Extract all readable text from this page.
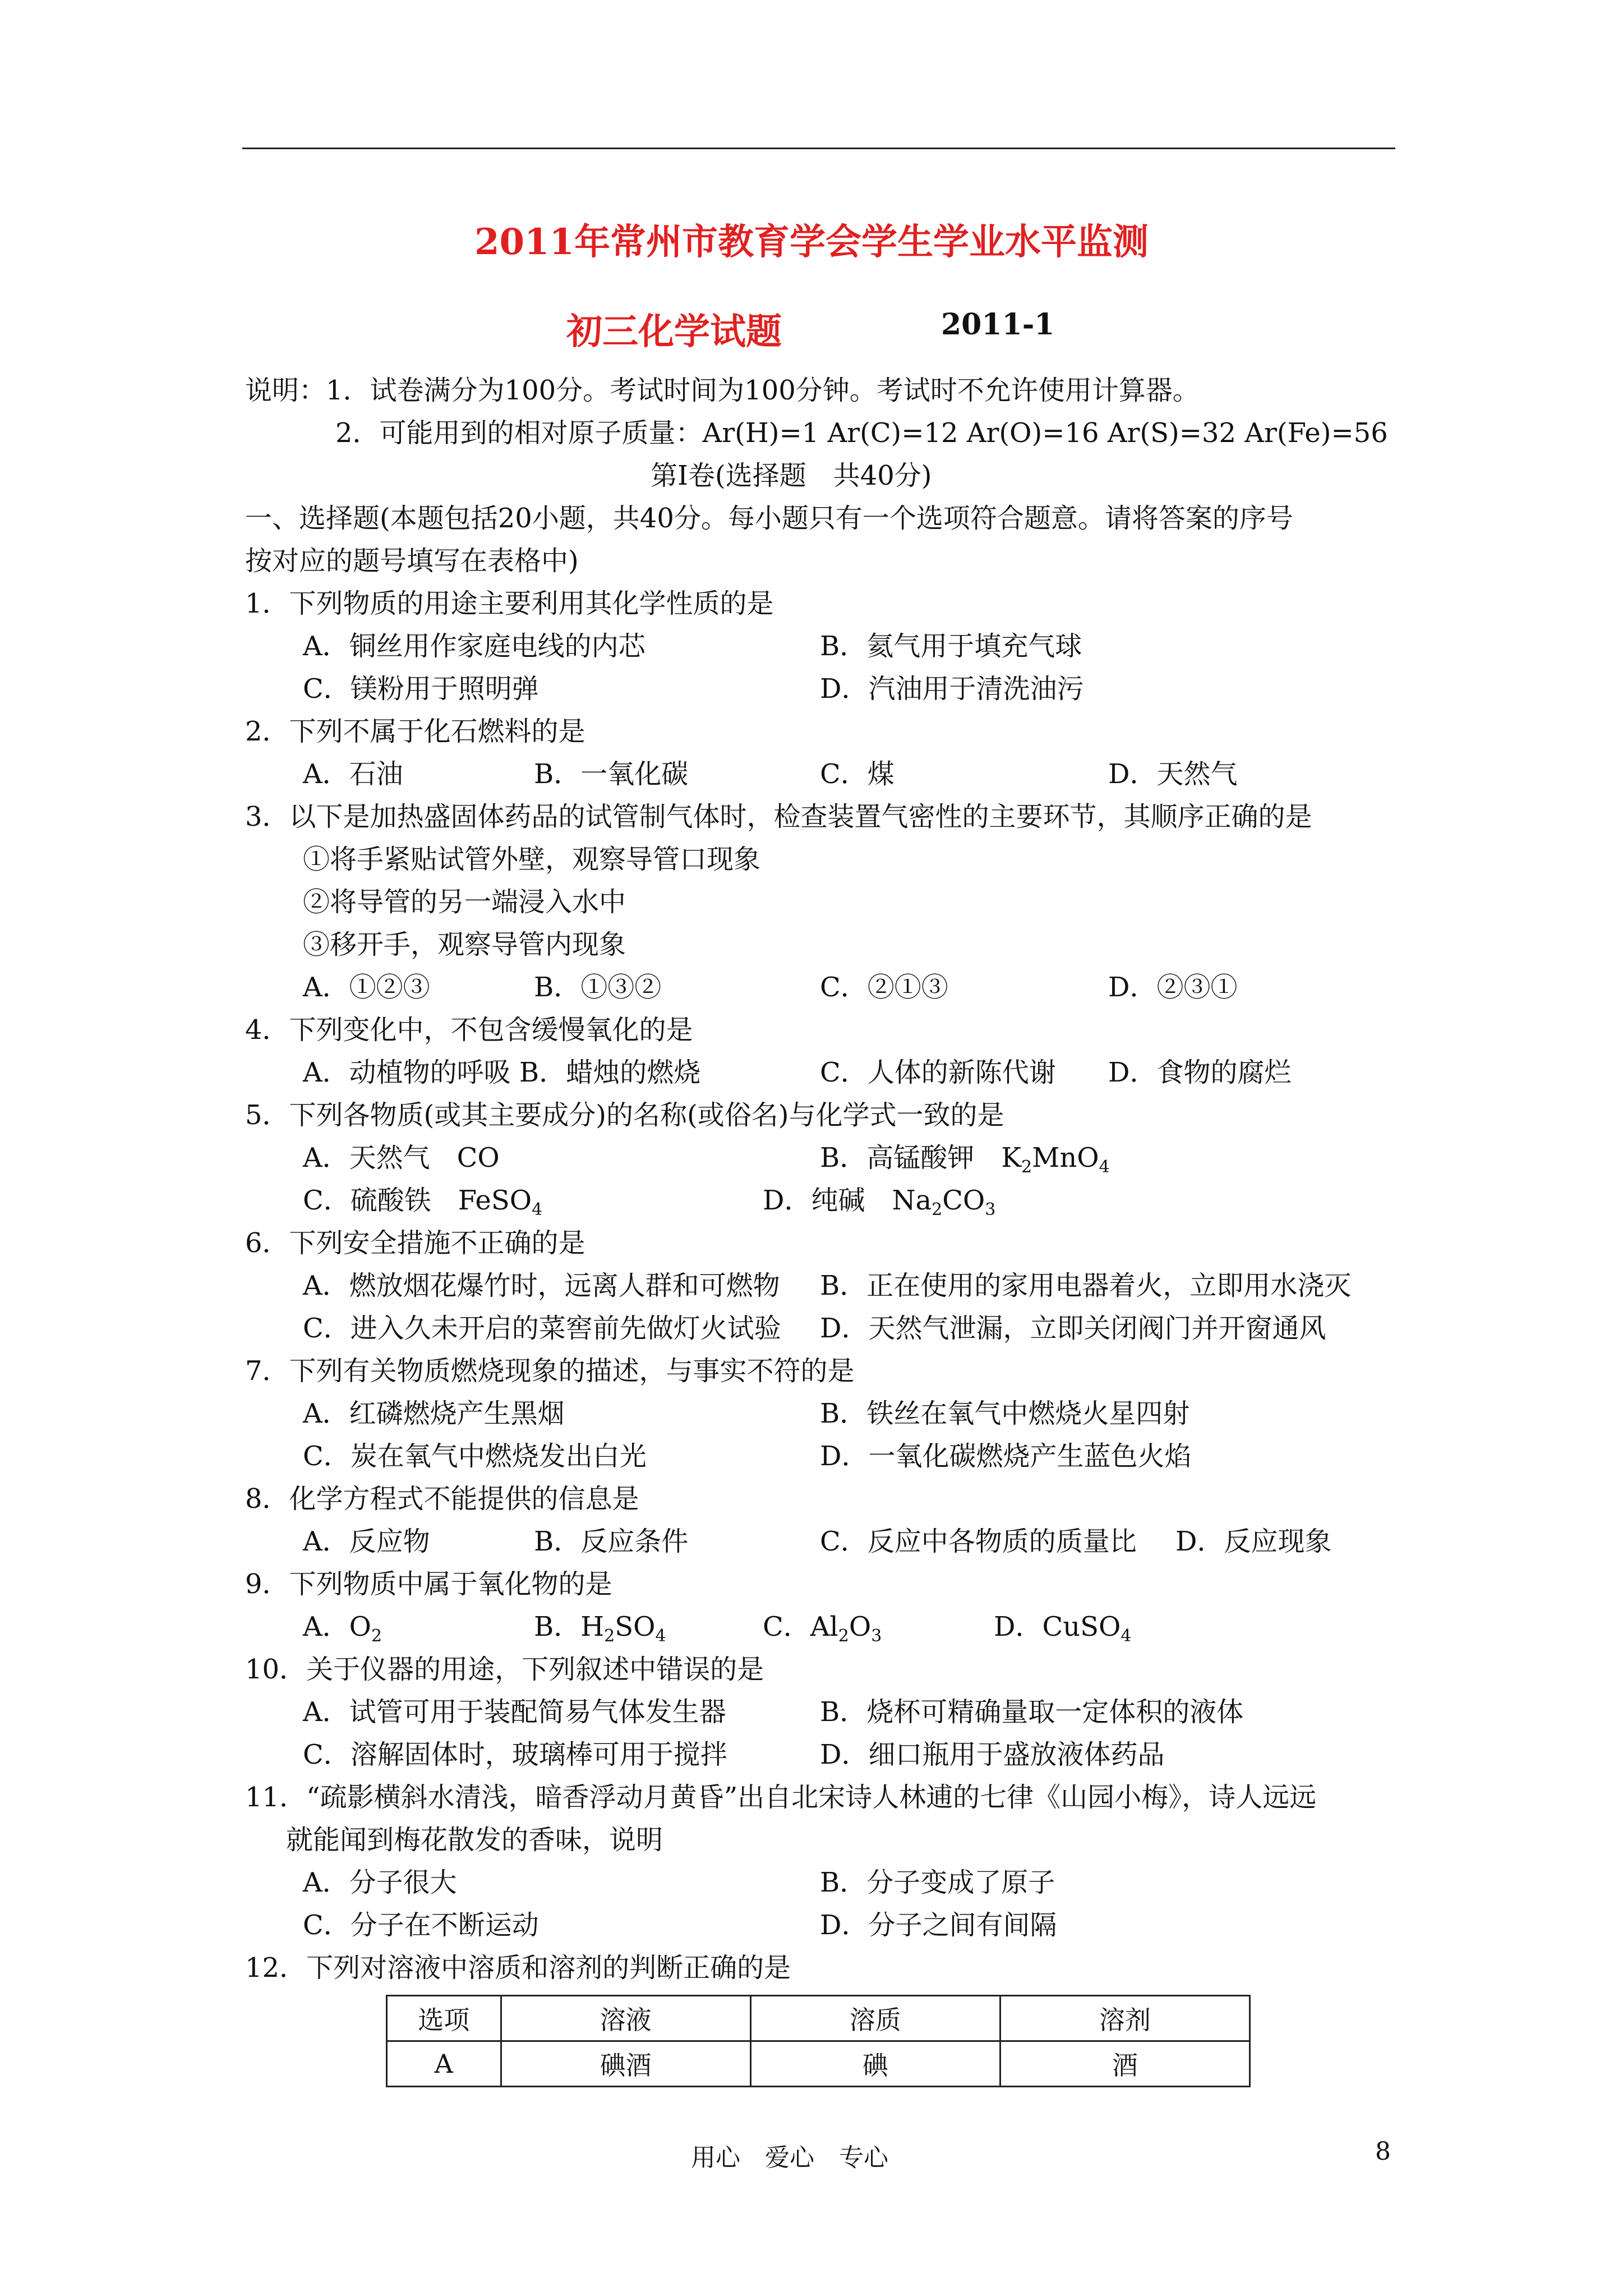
2011年常州市教育学会学生学业水平监测
初三化学试题	2011-1
说明：1．试卷满分为100分。考试时间为100分钟。考试时不允许使用计算器。
2．可能用到的相对原子质量：Ar(H)=1 Ar(C)=12 Ar(O)=16 Ar(S)=32 Ar(Fe)=56
第Ⅰ卷(选择题　共40分)
一、选择题(本题包括20小题，共40分。每小题只有一个选项符合题意。请将答案的序号
按对应的题号填写在表格中)
1．下列物质的用途主要利用其化学性质的是
A．铜丝用作家庭电线的内芯	B．氦气用于填充气球
C．镁粉用于照明弹	D．汽油用于清洗油污
2．下列不属于化石燃料的是
A．石油	B．一氧化碳	C．煤	D．天然气
3．以下是加热盛固体药品的试管制气体时，检查装置气密性的主要环节，其顺序正确的是
①将手紧贴试管外壁，观察导管口现象
②将导管的另一端浸入水中
③移开手，观察导管内现象
A．①②③	B．①③②	C．②①③	D．②③①
4．下列变化中，不包含缓慢氧化的是
A．动植物的呼吸 B．蜡烛的燃烧	C．人体的新陈代谢 D．食物的腐烂
5．下列各物质(或其主要成分)的名称(或俗名)与化学式一致的是
A．天然气　CO	B．高锰酸钾　$K_2MnO_4$
C．硫酸铁　FeSO$_4$	D．纯碱　$Na_2CO_3$
6．下列安全措施不正确的是
A．燃放烟花爆竹时，远离人群和可燃物 B．正在使用的家用电器着火，立即用水浇灭
C．进入久未开启的菜窖前先做灯火试验 D．天然气泄漏，立即关闭阀门并开窗通风
7．下列有关物质燃烧现象的描述，与事实不符的是
A．红磷燃烧产生黑烟	B．铁丝在氧气中燃烧火星四射
C．炭在氧气中燃烧发出白光	D．一氧化碳燃烧产生蓝色火焰
8．化学方程式不能提供的信息是
A．反应物	B．反应条件	C．反应中各物质的质量比 D．反应现象
9．下列物质中属于氧化物的是
A．$O_2$	B．$H_2SO_4$	C．$Al_2O_3$	D．CuSO$_4$
10．关于仪器的用途，下列叙述中错误的是
A．试管可用于装配简易气体发生器	B．烧杯可精确量取一定体积的液体
C．溶解固体时，玻璃棒可用于搅拌	D．细口瓶用于盛放液体药品
11．“疏影横斜水清浅，暗香浮动月黄昏”出自北宋诗人林逋的七律《山园小梅》，诗人远远
就能闻到梅花散发的香味，说明
A．分子很大	B．分子变成了原子
C．分子在不断运动	D．分子之间有间隔
12．下列对溶液中溶质和溶剂的判断正确的是
选项	溶液	溶质	溶剂
A	碘酒	碘	酒
用心　爱心　专心	8
